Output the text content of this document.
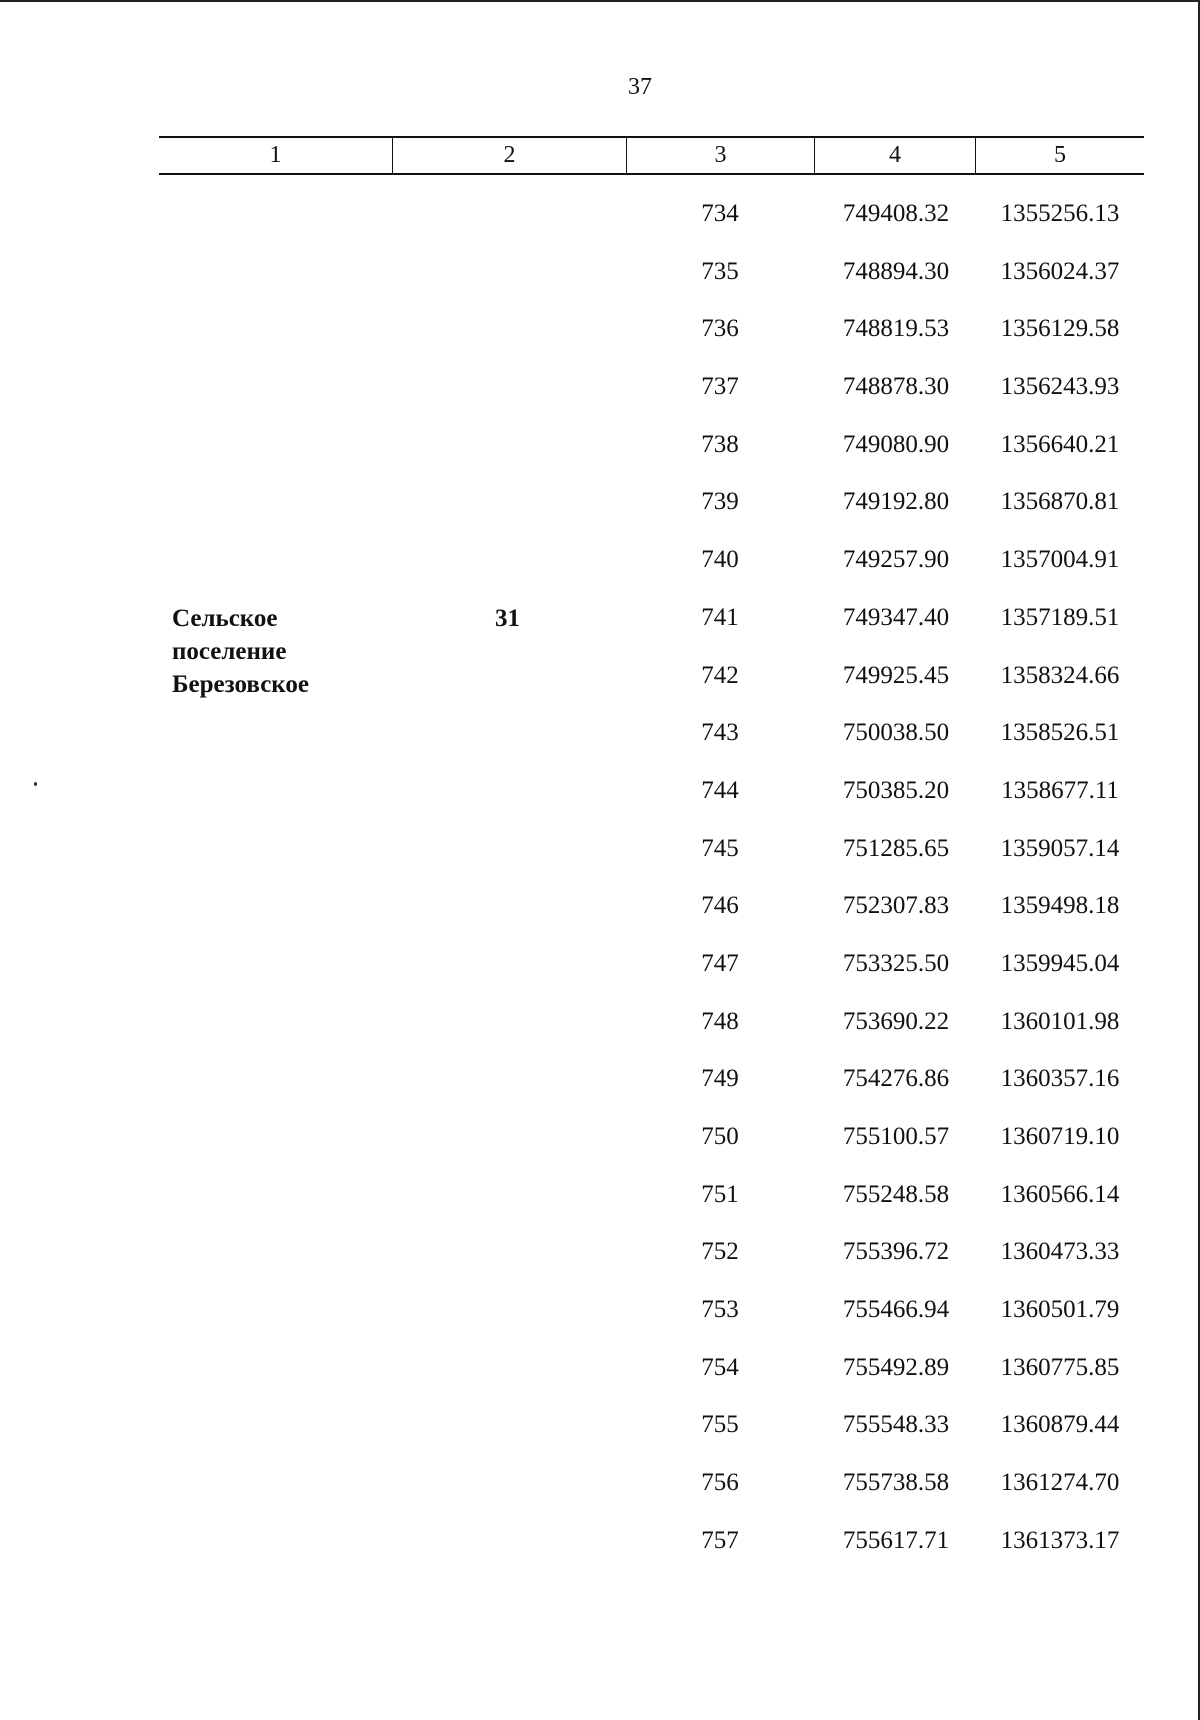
37
1	2	3	4	5
Сельское
поселение
Березовское
31
734	749408.32	1355256.13
735	748894.30	1356024.37
736	748819.53	1356129.58
737	748878.30	1356243.93
738	749080.90	1356640.21
739	749192.80	1356870.81
740	749257.90	1357004.91
741	749347.40	1357189.51
742	749925.45	1358324.66
743	750038.50	1358526.51
744	750385.20	1358677.11
745	751285.65	1359057.14
746	752307.83	1359498.18
747	753325.50	1359945.04
748	753690.22	1360101.98
749	754276.86	1360357.16
750	755100.57	1360719.10
751	755248.58	1360566.14
752	755396.72	1360473.33
753	755466.94	1360501.79
754	755492.89	1360775.85
755	755548.33	1360879.44
756	755738.58	1361274.70
757	755617.71	1361373.17
